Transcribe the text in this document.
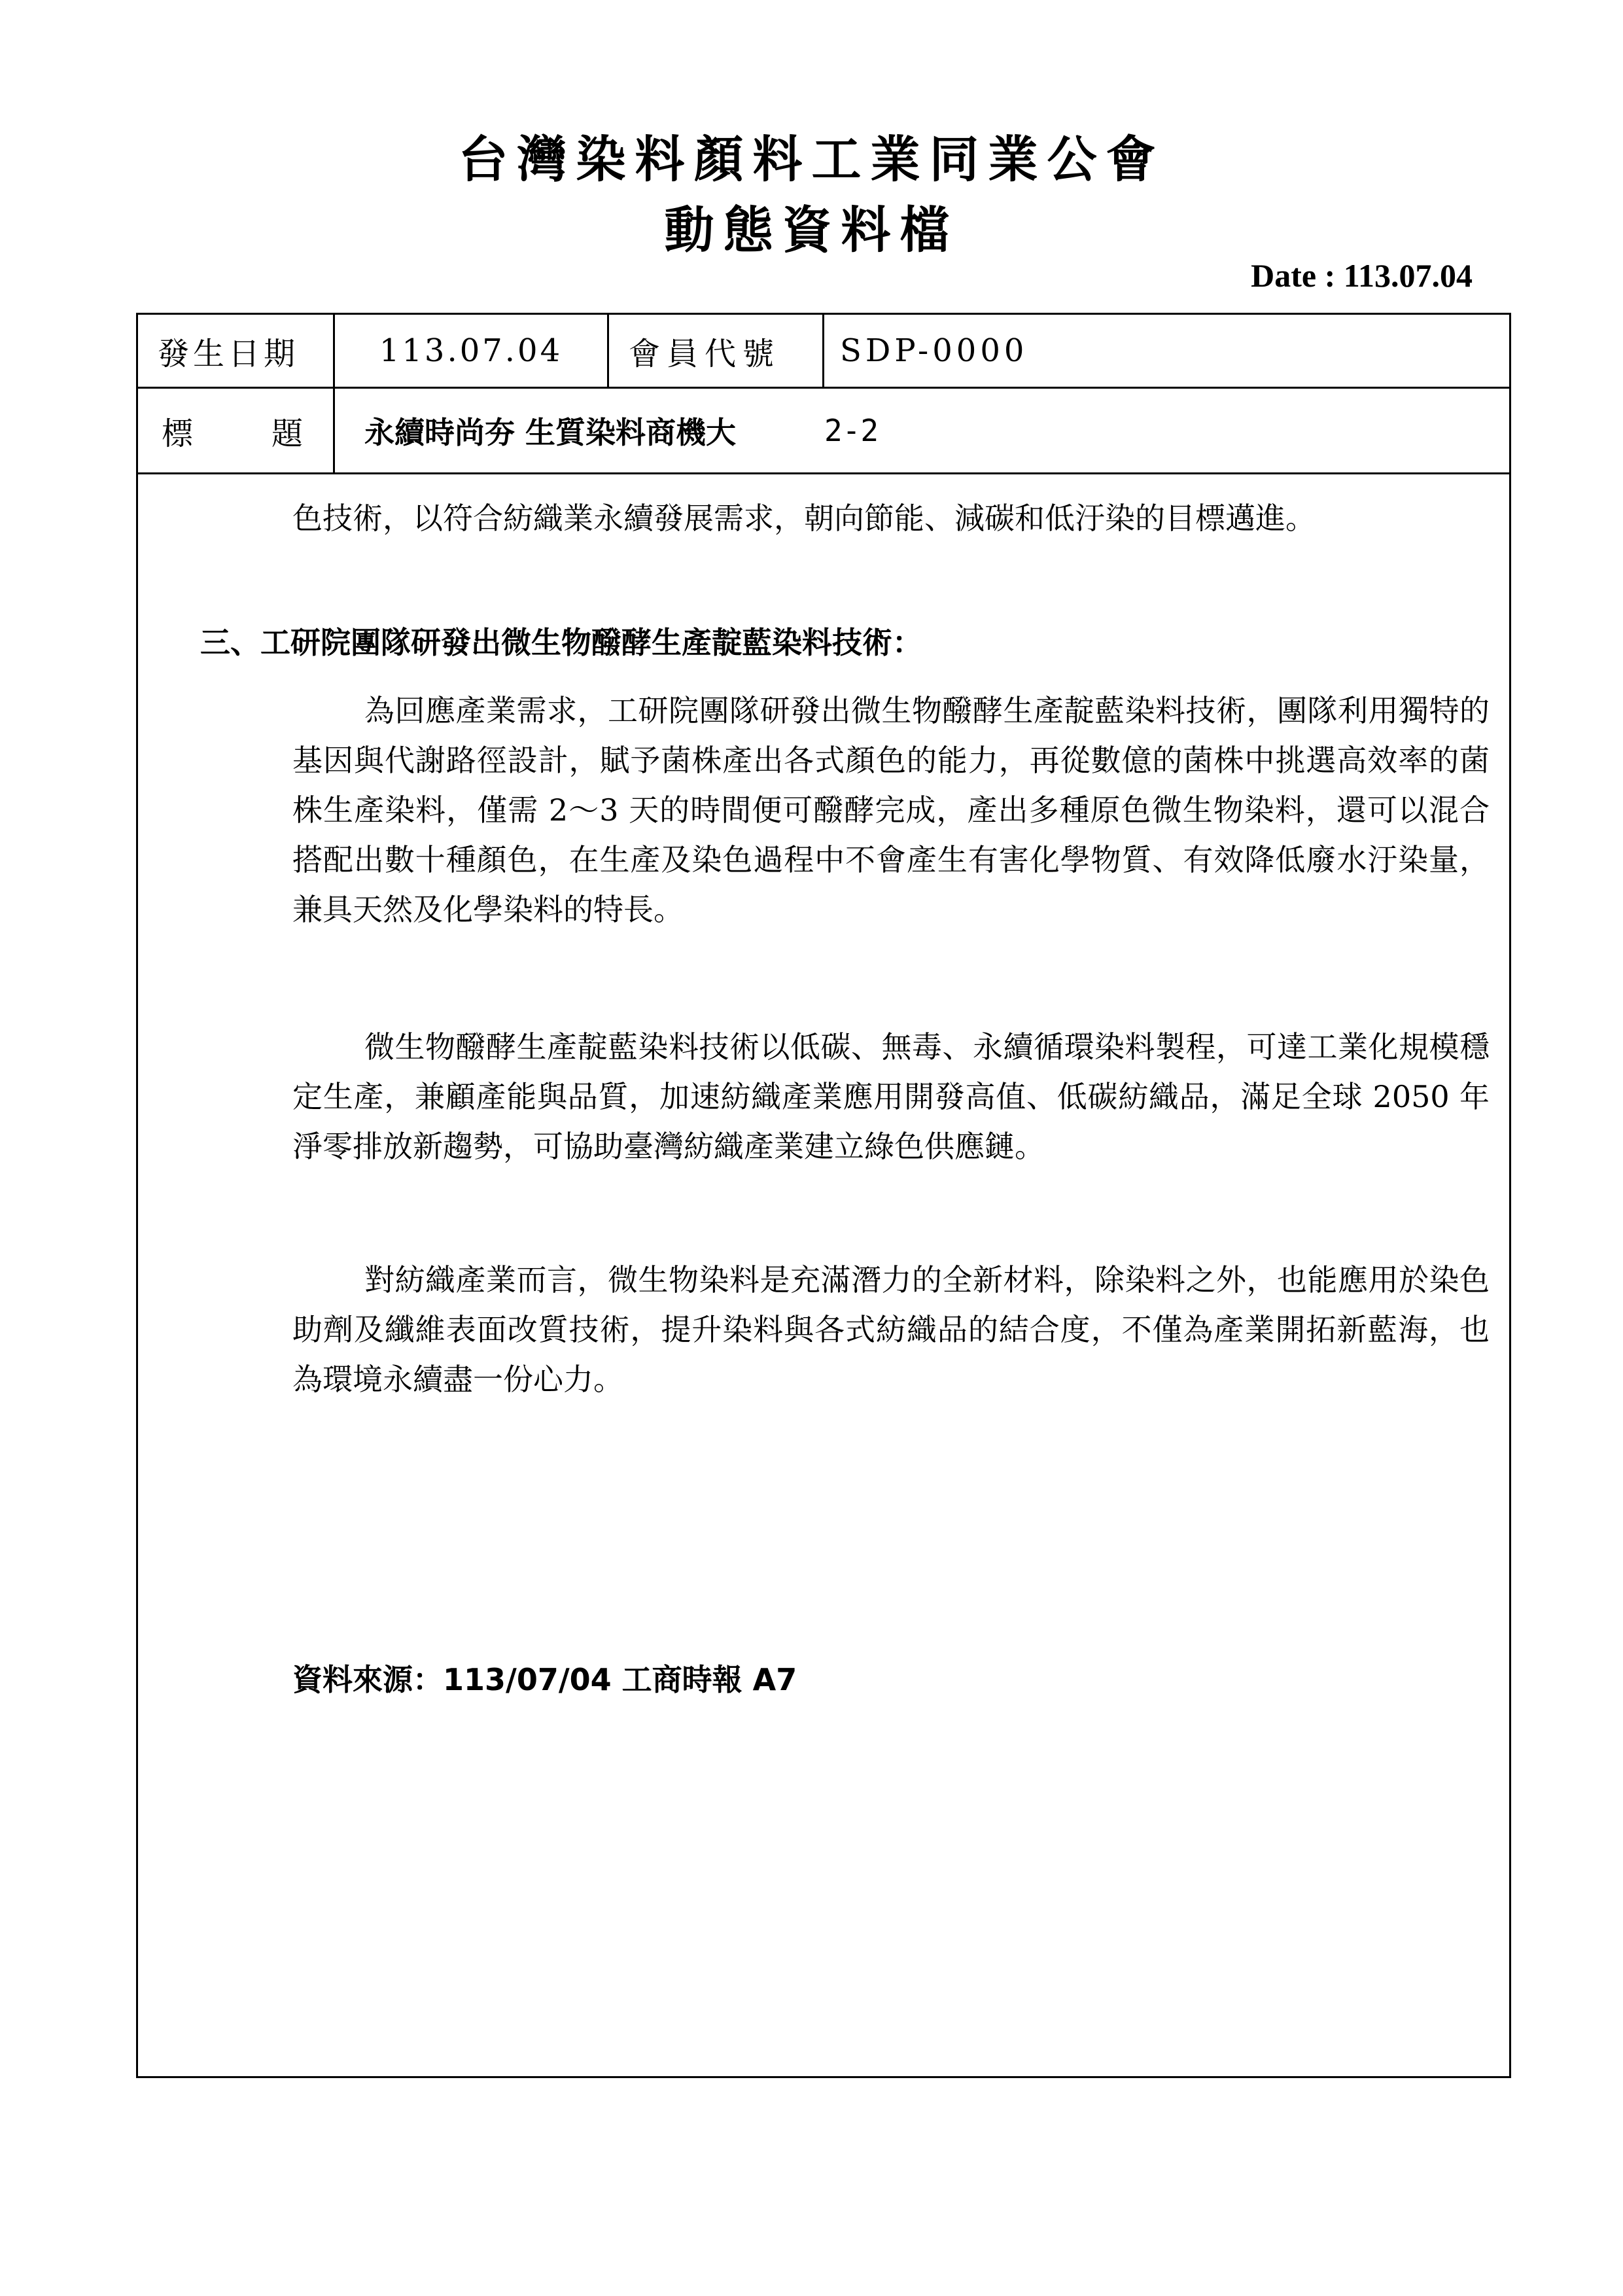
台灣染料顏料工業同業公會

動態資料檔

Date : 113.07.04
發生日期	113.07.04	會員代號	SDP-0000
標 題 永續時尚夯 生質染料商機大	2-2

色技術，以符合紡織業永續發展需求，朝向節能、減碳和低汙染的目標邁進。

三、工研院團隊研發出微生物醱酵生產靛藍染料技術：

為回應產業需求，工研院團隊研發出微生物醱酵生產靛藍染料技術，團隊利用獨特的基因與代謝路徑設計，賦予菌株產出各式顏色的能力，再從數億的菌株中挑選高效率的菌株生產染料，僅需 2～3 天的時間便可醱酵完成，產出多種原色微生物染料，還可以混合搭配出數十種顏色，在生產及染色過程中不會產生有害化學物質、有效降低廢水汙染量，兼具天然及化學染料的特長。

微生物醱酵生產靛藍染料技術以低碳、無毒、永續循環染料製程，可達工業化規模穩定生產，兼顧產能與品質，加速紡織產業應用開發高值、低碳紡織品，滿足全球 2050 年淨零排放新趨勢，可協助臺灣紡織產業建立綠色供應鏈。

對紡織產業而言，微生物染料是充滿潛力的全新材料，除染料之外，也能應用於染色助劑及纖維表面改質技術，提升染料與各式紡織品的結合度，不僅為產業開拓新藍海，也為環境永續盡一份心力。

資料來源：113/07/04 工商時報 A7
